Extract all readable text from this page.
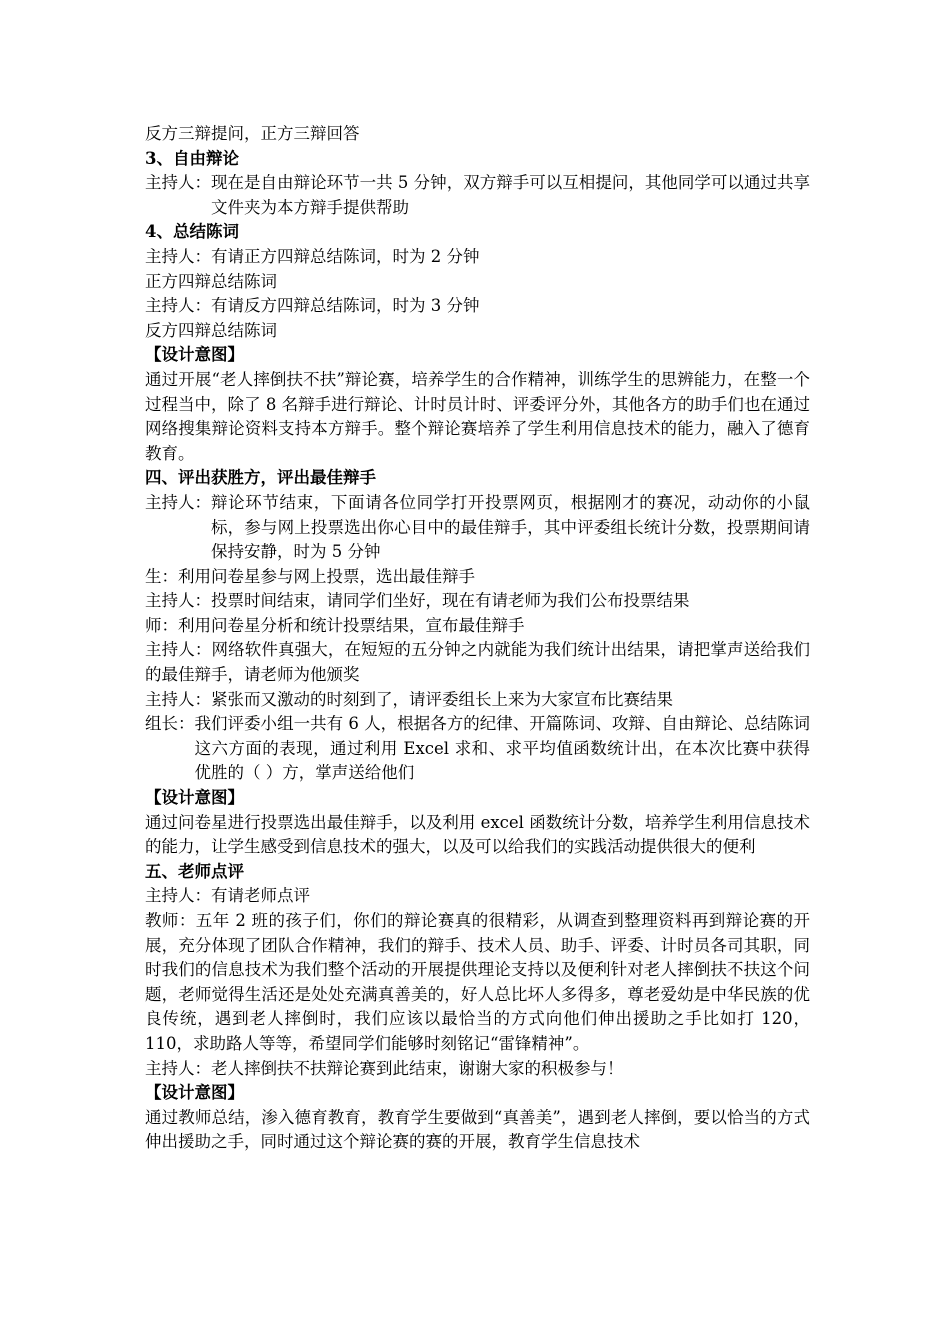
反方三辩提问，正方三辩回答

3、自由辩论

主持人： 现在是自由辩论环节一共 5 分钟，双方辩手可以互相提问，其他同学可以通过共享文件夹为本方辩手提供帮助

4、总结陈词

主持人：有请正方四辩总结陈词，时为 2 分钟

正方四辩总结陈词

主持人：有请反方四辩总结陈词，时为 3 分钟

反方四辩总结陈词

【设计意图】

通过开展“老人摔倒扶不扶”辩论赛，培养学生的合作精神，训练学生的思辨能力，在整一个过程当中，除了 8 名辩手进行辩论、计时员计时、评委评分外，其他各方的助手们也在通过网络搜集辩论资料支持本方辩手。整个辩论赛培养了学生利用信息技术的能力，融入了德育教育。

四、评出获胜方，评出最佳辩手

主持人： 辩论环节结束，下面请各位同学打开投票网页，根据刚才的赛况，动动你的小鼠标，参与网上投票选出你心目中的最佳辩手，其中评委组长统计分数，投票期间请保持安静，时为 5 分钟

生：利用问卷星参与网上投票，选出最佳辩手

主持人：投票时间结束，请同学们坐好，现在有请老师为我们公布投票结果

师：利用问卷星分析和统计投票结果，宣布最佳辩手

主持人：网络软件真强大，在短短的五分钟之内就能为我们统计出结果，请把掌声送给我们的最佳辩手，请老师为他颁奖

主持人：紧张而又激动的时刻到了，请评委组长上来为大家宣布比赛结果

组长： 我们评委小组一共有 6 人，根据各方的纪律、开篇陈词、攻辩、自由辩论、总结陈词这六方面的表现，通过利用 Excel 求和、求平均值函数统计出，在本次比赛中获得优胜的（ ）方，掌声送给他们

【设计意图】

通过问卷星进行投票选出最佳辩手，以及利用 excel 函数统计分数，培养学生利用信息技术的能力，让学生感受到信息技术的强大，以及可以给我们的实践活动提供很大的便利

五、老师点评

主持人：有请老师点评

教师：五年 2 班的孩子们，你们的辩论赛真的很精彩，从调查到整理资料再到辩论赛的开展，充分体现了团队合作精神，我们的辩手、技术人员、助手、评委、计时员各司其职，同时我们的信息技术为我们整个活动的开展提供理论支持以及便利针对老人摔倒扶不扶这个问题，老师觉得生活还是处处充满真善美的，好人总比坏人多得多，尊老爱幼是中华民族的优良传统，遇到老人摔倒时，我们应该以最恰当的方式向他们伸出援助之手比如打 120，110，求助路人等等，希望同学们能够时刻铭记“雷锋精神”。

主持人：老人摔倒扶不扶辩论赛到此结束，谢谢大家的积极参与！

【设计意图】

通过教师总结，渗入德育教育，教育学生要做到“真善美”，遇到老人摔倒，要以恰当的方式伸出援助之手，同时通过这个辩论赛的赛的开展，教育学生信息技术
